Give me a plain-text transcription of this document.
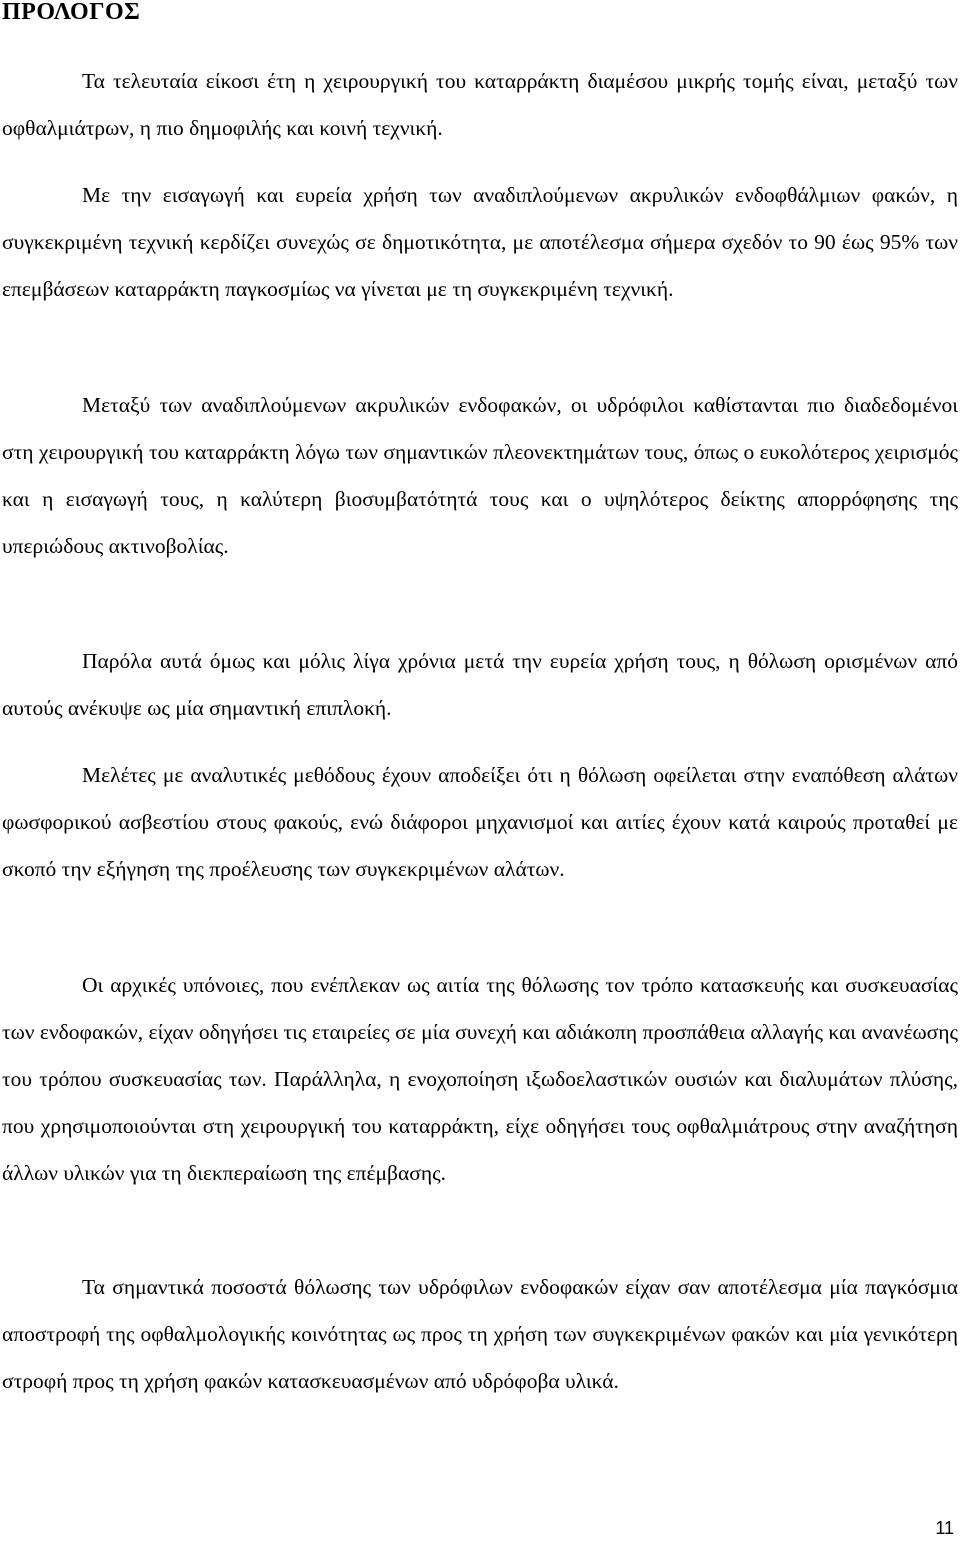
ΠΡΟΛΟΓΟΣ

Τα τελευταία είκοσι έτη η χειρουργική του καταρράκτη διαμέσου μικρής τομής είναι, μεταξύ των οφθαλμιάτρων, η πιο δημοφιλής και κοινή τεχνική.

Με την εισαγωγή και ευρεία χρήση των αναδιπλούμενων ακρυλικών ενδοφθάλμιων φακών, η συγκεκριμένη τεχνική κερδίζει συνεχώς σε δημοτικότητα, με αποτέλεσμα σήμερα σχεδόν το 90 έως 95% των επεμβάσεων καταρράκτη παγκοσμίως να γίνεται με τη συγκεκριμένη τεχνική.

Μεταξύ των αναδιπλούμενων ακρυλικών ενδοφακών, οι υδρόφιλοι καθίστανται πιο διαδεδομένοι στη χειρουργική του καταρράκτη λόγω των σημαντικών πλεονεκτημάτων τους, όπως ο ευκολότερος χειρισμός και η εισαγωγή τους, η καλύτερη βιοσυμβατότητά τους και ο υψηλότερος δείκτης απορρόφησης της υπεριώδους ακτινοβολίας.

Παρόλα αυτά όμως και μόλις λίγα χρόνια μετά την ευρεία χρήση τους, η θόλωση ορισμένων από αυτούς ανέκυψε ως μία σημαντική επιπλοκή.

Μελέτες με αναλυτικές μεθόδους έχουν αποδείξει ότι η θόλωση οφείλεται στην εναπόθεση αλάτων φωσφορικού ασβεστίου στους φακούς, ενώ διάφοροι μηχανισμοί και αιτίες έχουν κατά καιρούς προταθεί με σκοπό την εξήγηση της προέλευσης των συγκεκριμένων αλάτων.

Οι αρχικές υπόνοιες, που ενέπλεκαν ως αιτία της θόλωσης τον τρόπο κατασκευής και συσκευασίας των ενδοφακών, είχαν οδηγήσει τις εταιρείες σε μία συνεχή και αδιάκοπη προσπάθεια αλλαγής και ανανέωσης του τρόπου συσκευασίας των. Παράλληλα, η ενοχοποίηση ιξωδοελαστικών ουσιών και διαλυμάτων πλύσης, που χρησιμοποιούνται στη χειρουργική του καταρράκτη, είχε οδηγήσει τους οφθαλμιάτρους στην αναζήτηση άλλων υλικών για τη διεκπεραίωση της επέμβασης.

Τα σημαντικά ποσοστά θόλωσης των υδρόφιλων ενδοφακών είχαν σαν αποτέλεσμα μία παγκόσμια αποστροφή της οφθαλμολογικής κοινότητας ως προς τη χρήση των συγκεκριμένων φακών και μία γενικότερη στροφή προς τη χρήση φακών κατασκευασμένων από υδρόφοβα υλικά.

11
